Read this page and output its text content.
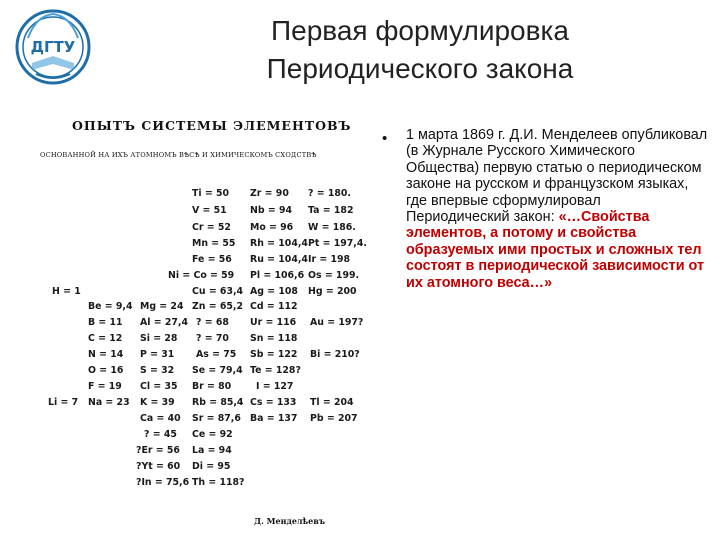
ДГТУ
Первая формулировка
Периодического закона
ОПЫТЪ СИСТЕМЫ ЭЛЕМЕНТОВЪ
ОСНОВАННОЙ НА ИХЪ АТОМНОМЪ ВѢСѢ И ХИМИЧЕСКОМЪ СХОДСТВѢ
Ti = 50 Zr = 90 ? = 180.
V = 51 Nb = 94 Ta = 182
Cr = 52 Mo = 96 W = 186.
Mn = 55 Rh = 104,4 Pt = 197,4.
Fe = 56 Ru = 104,4 Ir = 198
Ni = Co = 59 Pl = 106,6 Os = 199.
H = 1	Cu = 63,4 Ag = 108 Hg = 200
Be = 9,4 Mg = 24 Zn = 65,2 Cd = 112
B = 11 Al = 27,4 ? = 68 Ur = 116 Au = 197?
C = 12 Si = 28 ? = 70 Sn = 118
N = 14 P = 31 As = 75 Sb = 122 Bi = 210?
O = 16 S = 32 Se = 79,4 Te = 128?
F = 19 Cl = 35 Br = 80	I = 127
Li = 7 Na = 23 K = 39 Rb = 85,4 Cs = 133 Tl = 204
Ca = 40 Sr = 87,6 Ba = 137 Pb = 207
? = 45 Ce = 92
?Er = 56 La = 94
?Yt = 60 Di = 95
?In = 75,6 Th = 118?
Д. Менделѣевъ
• 1 марта 1869 г. Д.И. Менделеев опубликовал (в Журнале Русского Химического Общества) первую статью о периодическом законе на русском и французском языках, где впервые сформулировал Периодический закон: «…Свойства элементов, а потому и свойства образуемых ими простых и сложных тел состоят в периодической зависимости от их атомного веса…»
